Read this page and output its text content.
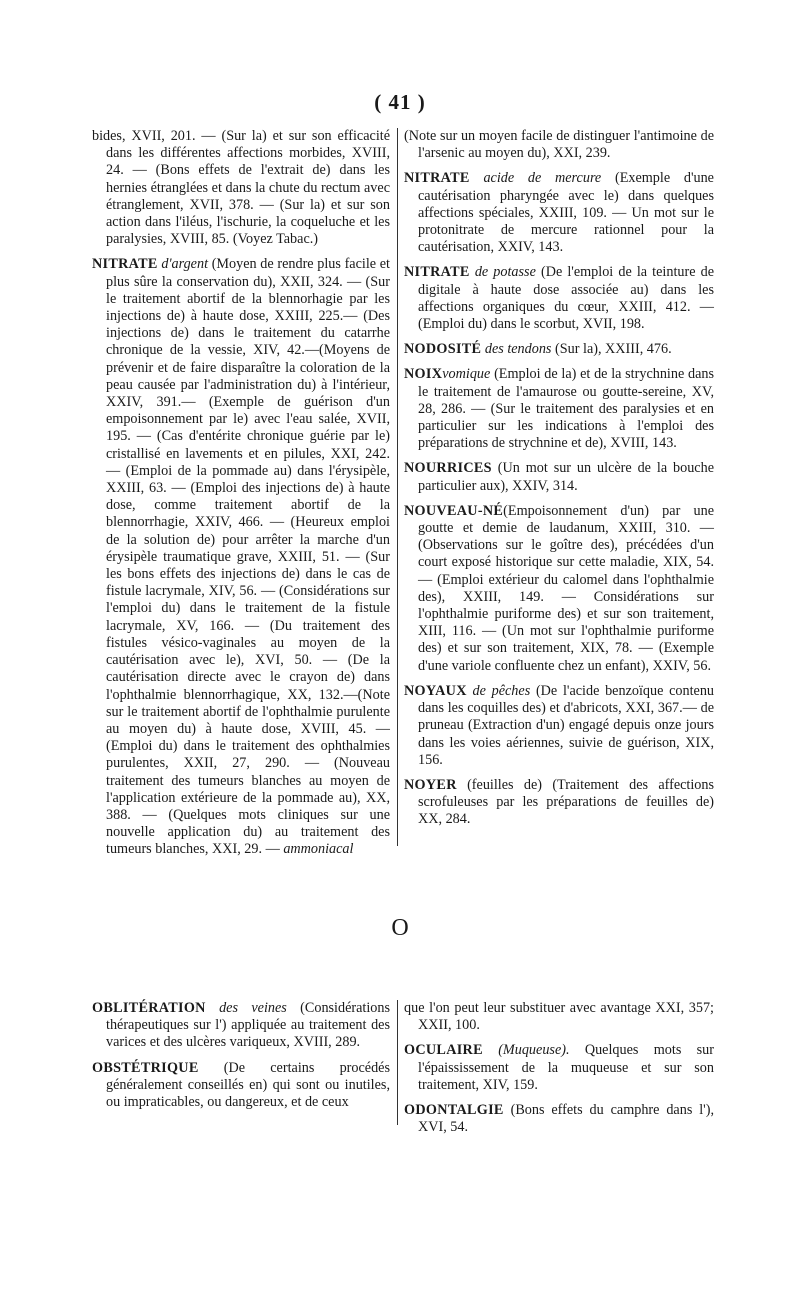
( 41 )

bides, XVII, 201. — (Sur la) et sur son efficacité dans les différentes affections morbides, XVIII, 24. — (Bons effets de l'extrait de) dans les hernies étranglées et dans la chute du rectum avec étranglement, XVII, 378. — (Sur la) et sur son action dans l'iléus, l'ischurie, la coqueluche et les paralysies, XVIII, 85. (Voyez Tabac.)

NITRATE d'argent (Moyen de rendre plus facile et plus sûre la conservation du), XXII, 324. — (Sur le traitement abortif de la blennorhagie par les injections de) à haute dose, XXIII, 225.— (Des injections de) dans le traitement du catarrhe chronique de la vessie, XIV, 42.—(Moyens de prévenir et de faire disparaître la coloration de la peau causée par l'administration du) à l'intérieur, XXIV, 391.— (Exemple de guérison d'un empoisonnement par le) avec l'eau salée, XVII, 195. — (Cas d'entérite chronique guérie par le) cristallisé en lavements et en pilules, XXI, 242. — (Emploi de la pommade au) dans l'érysipèle, XXIII, 63. — (Emploi des injections de) à haute dose, comme traitement abortif de la blennorrhagie, XXIV, 466. — (Heureux emploi de la solution de) pour arrêter la marche d'un érysipèle traumatique grave, XXIII, 51. — (Sur les bons effets des injections de) dans le cas de fistule lacrymale, XIV, 56. — (Considérations sur l'emploi du) dans le traitement de la fistule lacrymale, XV, 166. — (Du traitement des fistules vésico-vaginales au moyen de la cautérisation avec le), XVI, 50. — (De la cautérisation directe avec le crayon de) dans l'ophthalmie blennorrhagique, XX, 132.—(Note sur le traitement abortif de l'ophthalmie purulente au moyen du) à haute dose, XVIII, 45. — (Emploi du) dans le traitement des ophthalmies purulentes, XXII, 27, 290. — (Nouveau traitement des tumeurs blanches au moyen de l'application extérieure de la pommade au), XX, 388. — (Quelques mots cliniques sur une nouvelle application du) au traitement des tumeurs blanches, XXI, 29. — ammoniacal

(Note sur un moyen facile de distinguer l'antimoine de l'arsenic au moyen du), XXI, 239.

NITRATE acide de mercure (Exemple d'une cautérisation pharyngée avec le) dans quelques affections spéciales, XXIII, 109. — Un mot sur le protonitrate de mercure rationnel pour la cautérisation, XXIV, 143.

NITRATE de potasse (De l'emploi de la teinture de digitale à haute dose associée au) dans les affections organiques du cœur, XXIII, 412. — (Emploi du) dans le scorbut, XVII, 198.

NODOSITÉ des tendons (Sur la), XXIII, 476.

NOIXvomique (Emploi de la) et de la strychnine dans le traitement de l'amaurose ou goutte-sereine, XV, 28, 286. — (Sur le traitement des paralysies et en particulier sur les indications à l'emploi des préparations de strychnine et de), XVIII, 143.

NOURRICES (Un mot sur un ulcère de la bouche particulier aux), XXIV, 314.

NOUVEAU-NÉ(Empoisonnement d'un) par une goutte et demie de laudanum, XXIII, 310. — (Observations sur le goître des), précédées d'un court exposé historique sur cette maladie, XIX, 54. — (Emploi extérieur du calomel dans l'ophthalmie des), XXIII, 149. — Considérations sur l'ophthalmie puriforme des) et sur son traitement, XIII, 116. — (Un mot sur l'ophthalmie puriforme des) et sur son traitement, XIX, 78. — (Exemple d'une variole confluente chez un enfant), XXIV, 56.

NOYAUX de pêches (De l'acide benzoïque contenu dans les coquilles des) et d'abricots, XXI, 367.— de pruneau (Extraction d'un) engagé depuis onze jours dans les voies aériennes, suivie de guérison, XIX, 156.

NOYER (feuilles de) (Traitement des affections scrofuleuses par les préparations de feuilles de) XX, 284.

O

OBLITÉRATION des veines (Considérations thérapeutiques sur l') appliquée au traitement des varices et des ulcères variqueux, XVIII, 289.

OBSTÉTRIQUE (De certains procédés généralement conseillés en) qui sont ou inutiles, ou impraticables, ou dangereux, et de ceux

que l'on peut leur substituer avec avantage XXI, 357; XXII, 100.

OCULAIRE (Muqueuse). Quelques mots sur l'épaississement de la muqueuse et sur son traitement, XIV, 159.

ODONTALGIE (Bons effets du camphre dans l'), XVI, 54.
